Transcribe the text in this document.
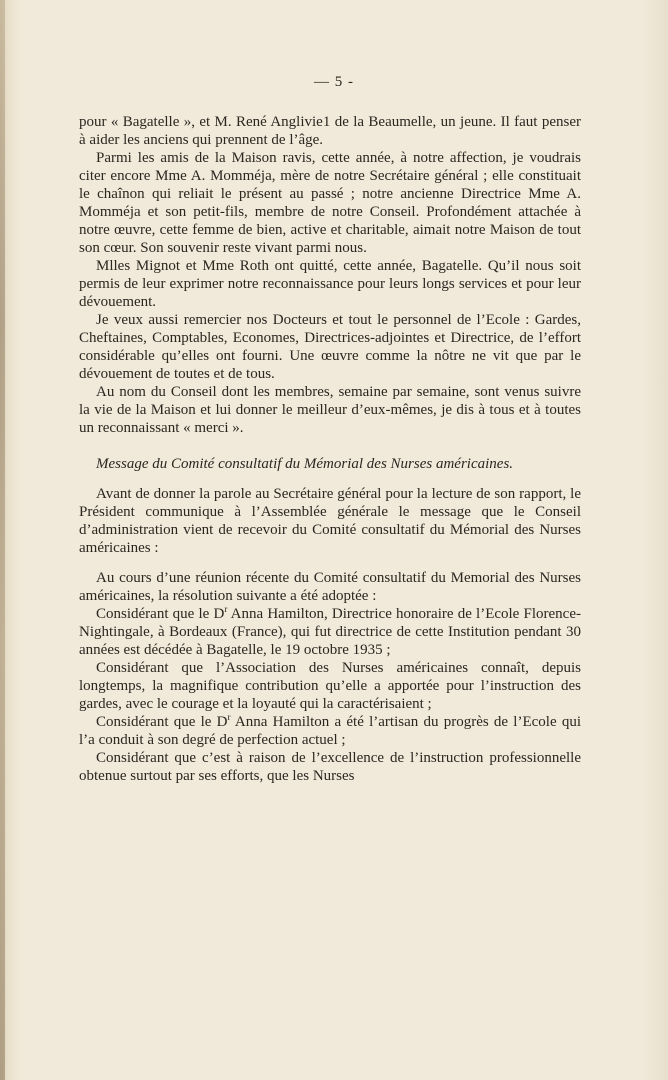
— 5 -

pour « Bagatelle », et M. René Anglivie1 de la Beaumelle, un jeune. Il faut penser à aider les anciens qui prennent de l’âge.

Parmi les amis de la Maison ravis, cette année, à notre affection, je voudrais citer encore Mme A. Momméja, mère de notre Secrétaire général ; elle constituait le chaînon qui reliait le présent au passé ; notre ancienne Directrice Mme A. Momméja et son petit-fils, membre de notre Conseil. Profondément attachée à notre œuvre, cette femme de bien, active et charitable, aimait notre Maison de tout son cœur. Son souvenir reste vivant parmi nous.

Mlles Mignot et Mme Roth ont quitté, cette année, Bagatelle. Qu’il nous soit permis de leur exprimer notre reconnaissance pour leurs longs services et pour leur dévouement.

Je veux aussi remercier nos Docteurs et tout le personnel de l’Ecole : Gardes, Cheftaines, Comptables, Economes, Directrices-adjointes et Directrice, de l’effort considérable qu’elles ont fourni. Une œuvre comme la nôtre ne vit que par le dévouement de toutes et de tous.

Au nom du Conseil dont les membres, semaine par semaine, sont venus suivre la vie de la Maison et lui donner le meilleur d’eux-mêmes, je dis à tous et à toutes un reconnaissant « merci ».

Message du Comité consultatif du Mémorial des Nurses américaines.

Avant de donner la parole au Secrétaire général pour la lecture de son rapport, le Président communique à l’Assemblée générale le message que le Conseil d’administration vient de recevoir du Comité consultatif du Mémorial des Nurses américaines :

Au cours d’une réunion récente du Comité consultatif du Memorial des Nurses américaines, la résolution suivante a été adoptée :

Considérant que le $D^r$ Anna Hamilton, Directrice honoraire de l’Ecole Florence-Nightingale, à Bordeaux (France), qui fut directrice de cette Institution pendant 30 années est décédée à Bagatelle, le 19 octobre 1935 ;

Considérant que l’Association des Nurses américaines connaît, depuis longtemps, la magnifique contribution qu’elle a apportée pour l’instruction des gardes, avec le courage et la loyauté qui la caractérisaient ;

Considérant que le $D^r$ Anna Hamilton a été l’artisan du progrès de l’Ecole qui l’a conduit à son degré de perfection actuel ;

Considérant que c’est à raison de l’excellence de l’instruction professionnelle obtenue surtout par ses efforts, que les Nurses
